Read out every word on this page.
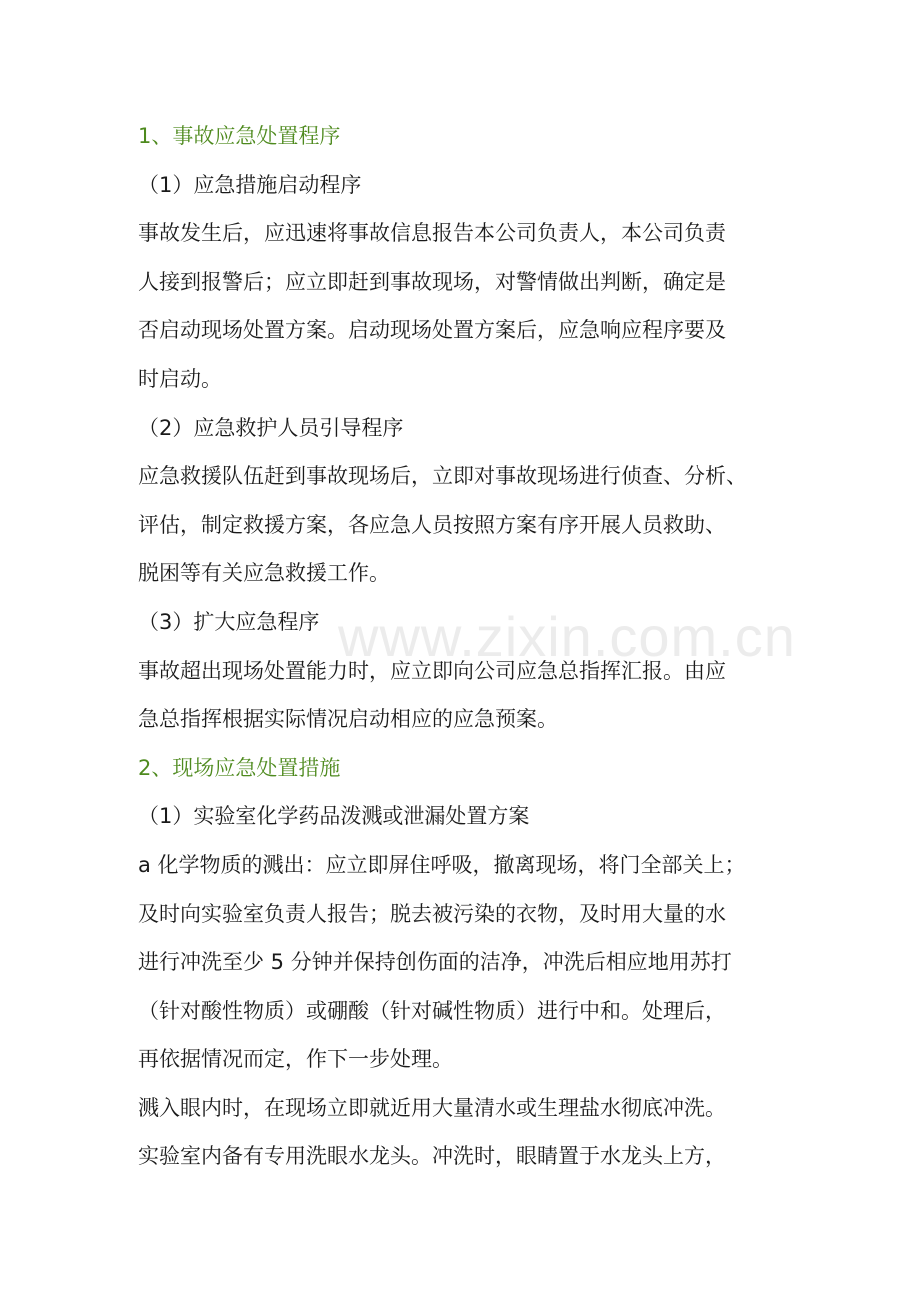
www.zixin.com.cn
1、事故应急处置程序
（1）应急措施启动程序
事故发生后，应迅速将事故信息报告本公司负责人，本公司负责
人接到报警后；应立即赶到事故现场，对警情做出判断，确定是
否启动现场处置方案。启动现场处置方案后，应急响应程序要及
时启动。
（2）应急救护人员引导程序
应急救援队伍赶到事故现场后，立即对事故现场进行侦查、分析、
评估，制定救援方案，各应急人员按照方案有序开展人员救助、
脱困等有关应急救援工作。
（3）扩大应急程序
事故超出现场处置能力时，应立即向公司应急总指挥汇报。由应
急总指挥根据实际情况启动相应的应急预案。
2、现场应急处置措施
（1）实验室化学药品泼溅或泄漏处置方案
a 化学物质的溅出：应立即屏住呼吸，撤离现场，将门全部关上；
及时向实验室负责人报告；脱去被污染的衣物，及时用大量的水
进行冲洗至少 5 分钟并保持创伤面的洁净，冲洗后相应地用苏打
（针对酸性物质）或硼酸（针对碱性物质）进行中和。处理后，
再依据情况而定，作下一步处理。
溅入眼内时，在现场立即就近用大量清水或生理盐水彻底冲洗。
实验室内备有专用洗眼水龙头。冲洗时，眼睛置于水龙头上方，
